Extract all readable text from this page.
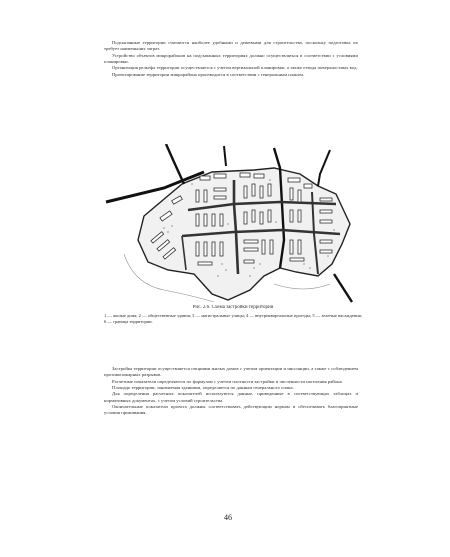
Подсыпанные территории считаются наиболее удобными и дешевыми для строительства, поскольку подготовка их требует наименьших затрат.

Устройство объектов микрорайонов на подсыпанных территориях должно осуществляться в соответствии с условиями планировки.

Организация рельефа территории осуществляется с учетом вертикальной планировки, а также отвода поверхностных вод.

Проектирование территории микрорайона производится в соответствии с генеральным планом.

Рис. 2.6. Схема застройки территории
1 — жилые дома; 2 — общественные здания; 3 — магистральные улицы; 4 — внутриквартальные проезды; 5 — зеленые насаждения; 6 — граница территории.

Застройка территории осуществляется секциями жилых домов с учетом ориентации и инсоляции, а также с соблюдением противопожарных разрывов.

Расчетные показатели определяются по формулам с учетом плотности застройки и численности населения района.

Площадь территории, занимаемая зданиями, определяется по данным генерального плана.

Для определения расчетных показателей используются данные, приведенные в соответствующих таблицах и нормативных документах, с учетом условий строительства.

Окончательные показатели проекта должны соответствовать действующим нормам и обеспечивать благоприятные условия проживания.

46
